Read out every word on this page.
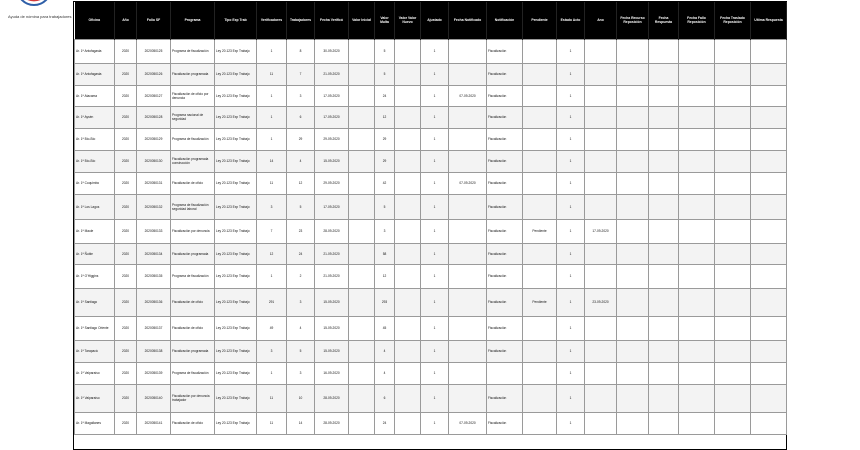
Ayuda de nómina para trabajadores
Oficina	Año	Folio SF	Programa	Tipo Exp Trab	Verificadores	Trabajadores	Fecha Verificó	Valor Inicial	Valor Multa	Valor Valor Nuevo	Ajustado	Fecha Notificado	Notificación	Pendiente	Estado Acto	Ano	Fecha Recurso Reposición	Fecha Respuesta	Fecha Fallo Reposición	Fecha Traslado Reposición	Ultima Respuesta
Ar. 1ª Antofagasta	2020	2020050125	Programa de fiscalización	Ley 20.123 Exp Trabajo	1	8	30-09-2020		5		1		Fiscalización		1						
Ar. 1ª Antofagasta	2020	2020050126	Fiscalización programada	Ley 20.123 Exp Trabajo	11	7	21-09-2020		5		1		Fiscalización		1						
Ar. 1ª Atacama	2020	2020050127	Fiscalización de oficio por denuncia	Ley 20.123 Exp Trabajo	1	3	17-09-2020		24		1	07-09-2020	Fiscalización		1						
Ar. 1ª Aysén	2020	2020050128	Programa nacional de seguridad	Ley 20.123 Exp Trabajo	1	6	17-09-2020		12		1		Fiscalización		1						
Ar. 1ª Bío-Bío	2020	2020050129	Programa de fiscalización	Ley 20.123 Exp Trabajo	1	29	29-09-2020		29		1		Fiscalización		1						
Ar. 1ª Bío-Bío	2020	2020050130	Fiscalización programada construcción	Ley 20.123 Exp Trabajo	14	4	15-09-2020		29		1		Fiscalización		1						
Ar. 1ª Coquimbo	2020	2020050131	Fiscalización de oficio	Ley 20.123 Exp Trabajo	11	12	29-09-2020		42		1	07-09-2020	Fiscalización		1						
Ar. 1ª Los Lagos	2020	2020050132	Programa de fiscalización seguridad laboral	Ley 20.123 Exp Trabajo	3	5	17-09-2020		5		1		Fiscalización		1						
Ar. 1ª Maule	2020	2020050133	Fiscalización por denuncia	Ley 20.123 Exp Trabajo	7	23	28-09-2020		3		1		Fiscalización	Pendiente	1	17-09-2020					
Ar. 1ª Ñuble	2020	2020050134	Fiscalización programada	Ley 20.123 Exp Trabajo	12	24	21-09-2020		58		1		Fiscalización		1						
Ar. 1ª O'Higgins	2020	2020050135	Programa de fiscalización	Ley 20.123 Exp Trabajo	1	2	21-09-2020		12		1		Fiscalización		1						
Ar. 1ª Santiago	2020	2020050136	Fiscalización de oficio	Ley 20.123 Exp Trabajo	291	3	15-09-2020		293		1		Fiscalización	Pendiente	1	23-09-2020					
Ar. 1ª Santiago Oriente	2020	2020050137	Fiscalización de oficio	Ley 20.123 Exp Trabajo	49	4	15-09-2020		45		1		Fiscalización		1						
Ar. 1ª Tarapacá	2020	2020050138	Fiscalización programada	Ley 20.123 Exp Trabajo	3	5	15-09-2020		4		1		Fiscalización		1						
Ar. 1ª Valparaíso	2020	2020050139	Programa de fiscalización	Ley 20.123 Exp Trabajo	1	3	16-09-2020		4		1				1						
Ar. 1ª Valparaíso	2020	2020050140	Fiscalización por denuncia trabajador	Ley 20.123 Exp Trabajo	11	10	28-09-2020		6		1		Fiscalización		1						
Ar. 1ª Magallanes	2020	2020050141	Fiscalización de oficio	Ley 20.123 Exp Trabajo	11	14	28-09-2020		24		1	07-09-2020	Fiscalización		1						
